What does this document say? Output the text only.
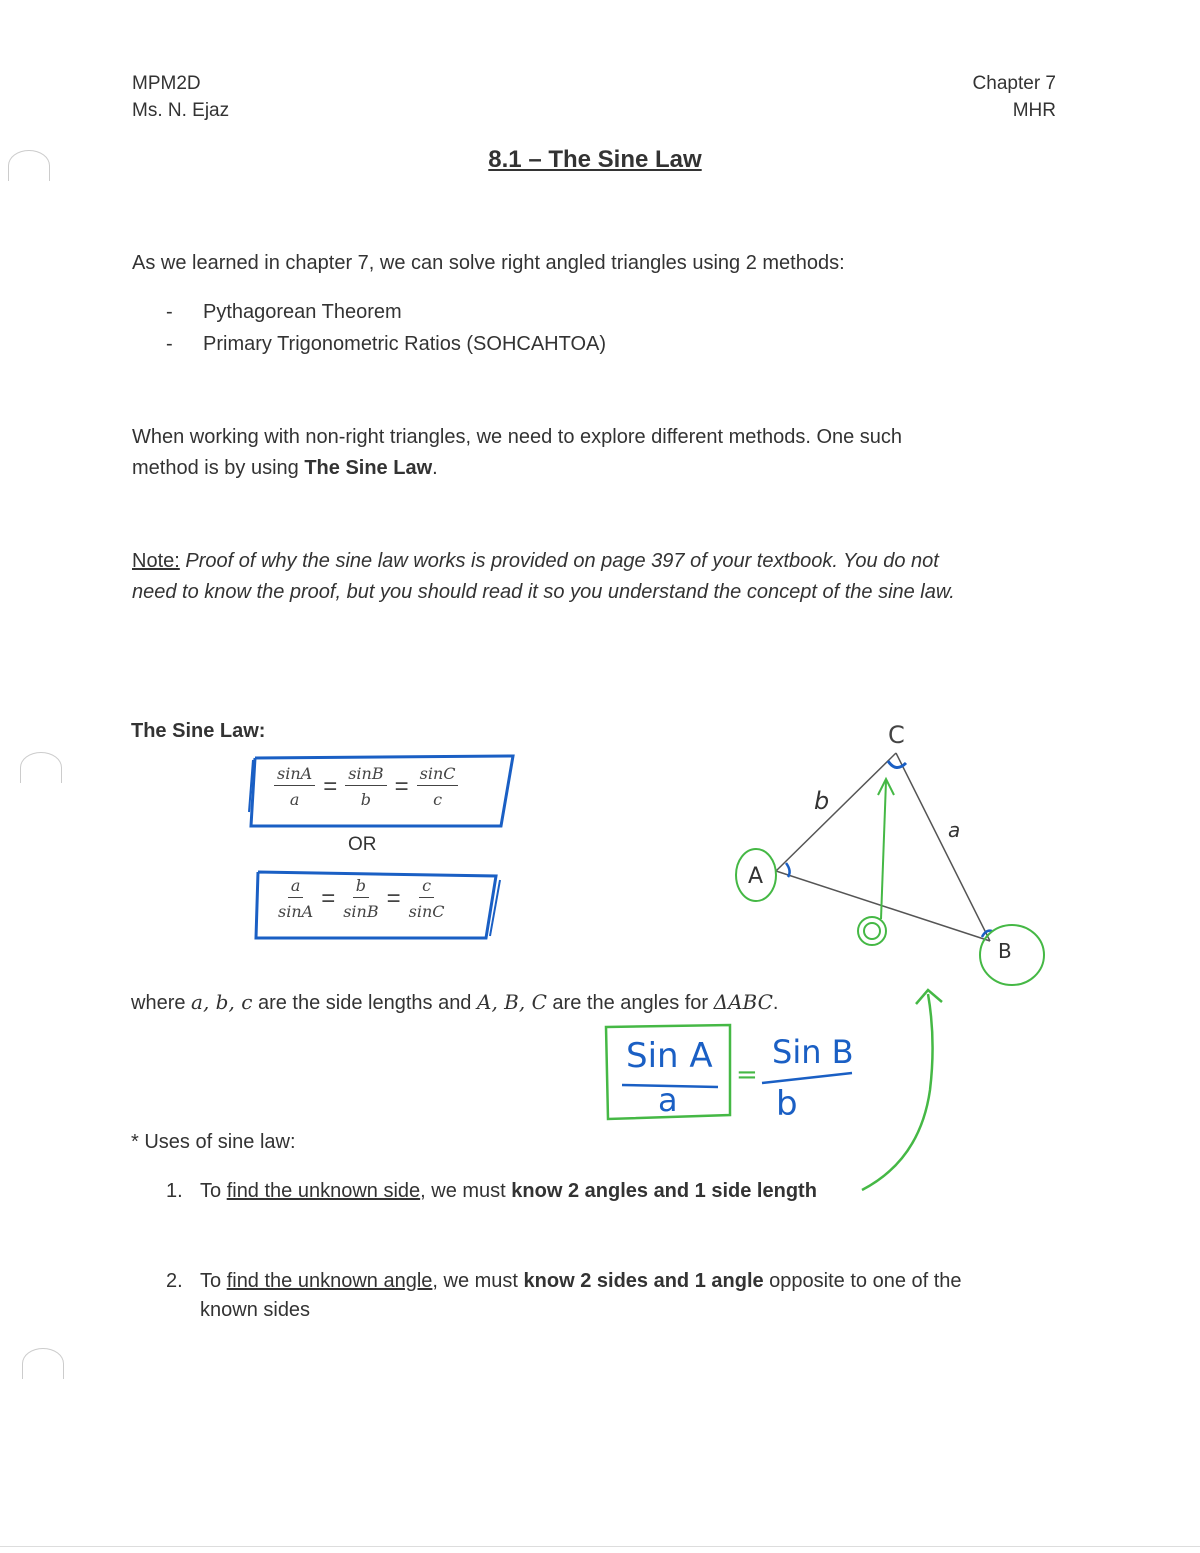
MPM2D
Ms. N. Ejaz
Chapter 7
MHR
8.1 – The Sine Law
As we learned in chapter 7, we can solve right angled triangles using 2 methods:
- Pythagorean Theorem
- Primary Trigonometric Ratios (SOHCAHTOA)
When working with non-right triangles, we need to explore different methods. One such
method is by using The Sine Law.
Note: Proof of why the sine law works is provided on page 397 of your textbook. You do not
need to know the proof, but you should read it so you understand the concept of the sine law.
The Sine Law:
$\frac{\sin A}{a} = \frac{\sin B}{b} = \frac{\sin C}{c}$
OR
$\frac{a}{\sin A} = \frac{b}{\sin B} = \frac{c}{\sin C}$
C
A
B
b
a
where a, b, c are the side lengths and A, B, C are the angles for ΔABC.
Sin A
a
=
Sin B
b
* Uses of sine law:
1. To find the unknown side, we must know 2 angles and 1 side length
2. To find the unknown angle, we must know 2 sides and 1 angle opposite to one of the
known sides
